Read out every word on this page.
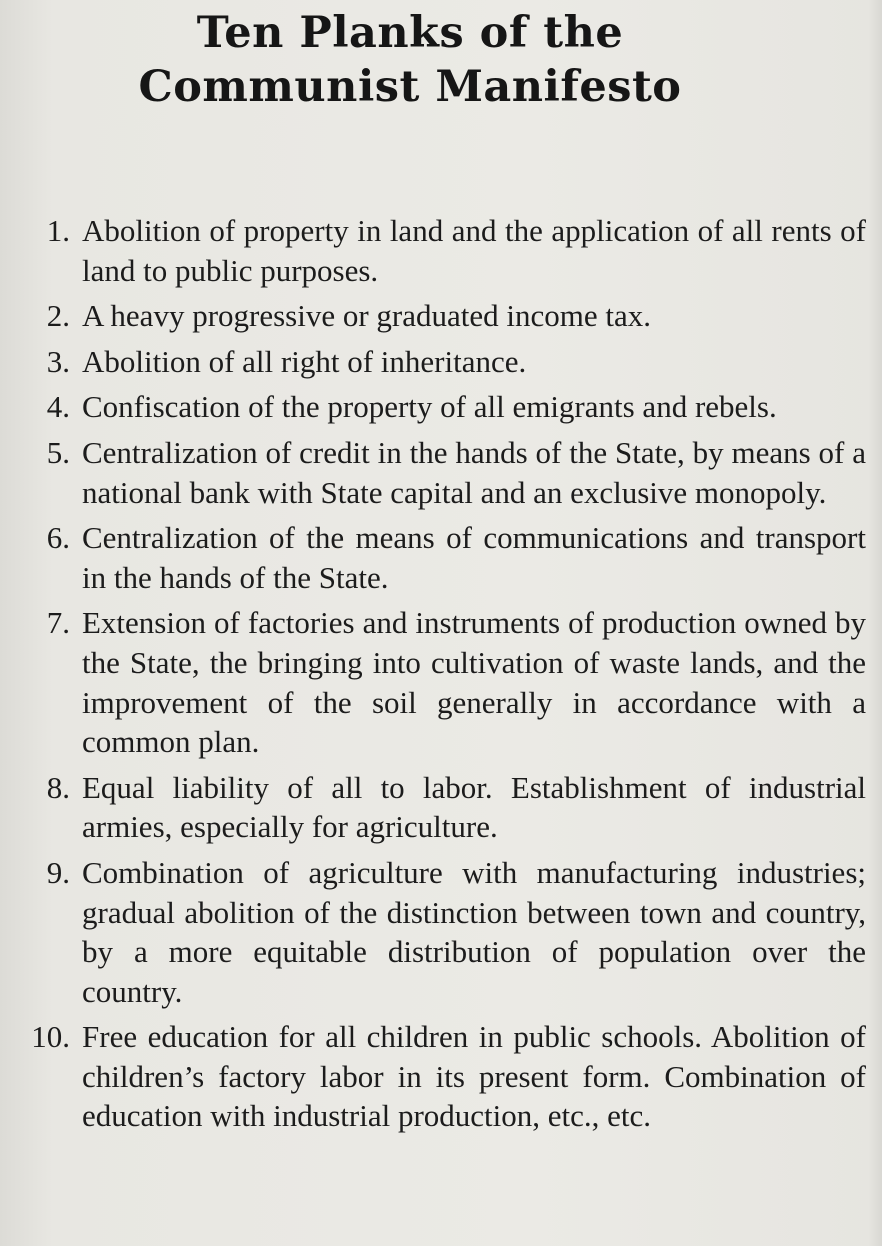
Ten Planks of the
Communist Manifesto
1. Abolition of property in land and the application of all rents of land to public purposes.
2. A heavy progressive or graduated income tax.
3. Abolition of all right of inheritance.
4. Confiscation of the property of all emigrants and rebels.
5. Centralization of credit in the hands of the State, by means of a national bank with State capital and an exclusive monopoly.
6. Centralization of the means of communications and transport in the hands of the State.
7. Extension of factories and instruments of production owned by the State, the bringing into cultivation of waste lands, and the improvement of the soil generally in accordance with a common plan.
8. Equal liability of all to labor. Establishment of industrial armies, especially for agriculture.
9. Combination of agriculture with manufacturing industries; gradual abolition of the distinction between town and country, by a more equitable distribution of population over the country.
10. Free education for all children in public schools. Abolition of children’s factory labor in its present form. Combination of education with industrial production, etc., etc.
